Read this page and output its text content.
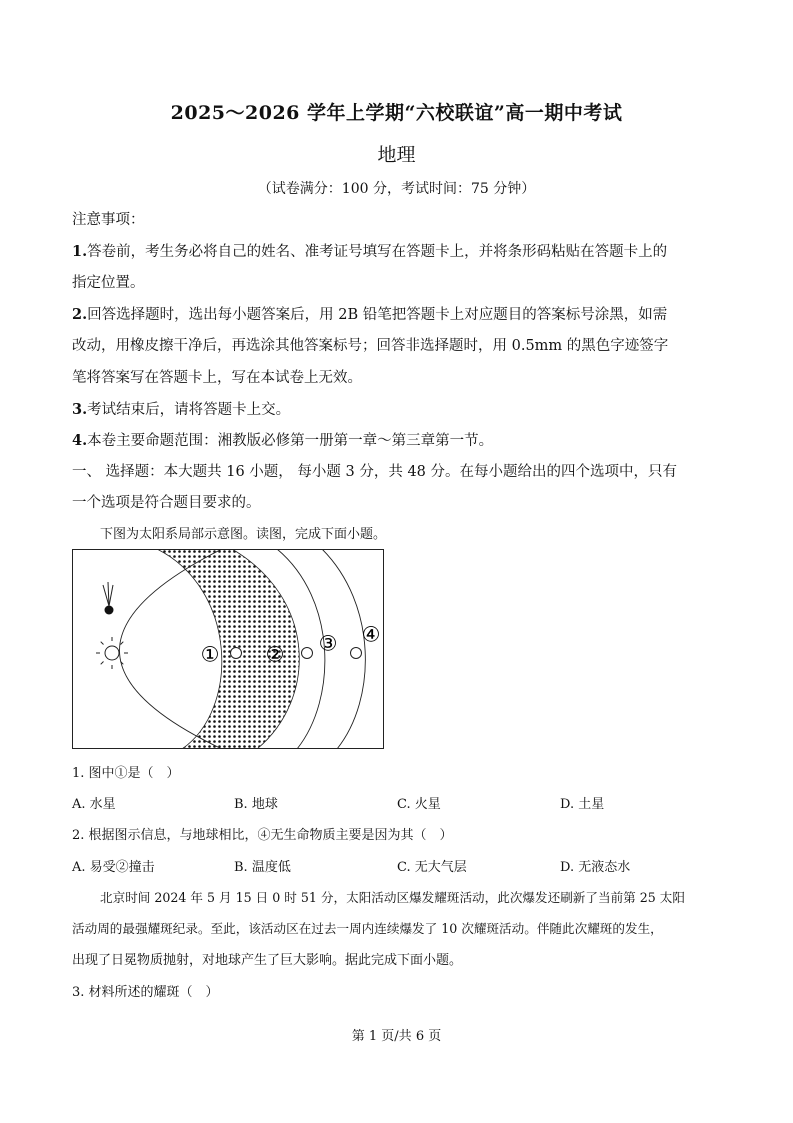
2025～2026 学年上学期“六校联谊”高一期中考试
地理
（试卷满分：100 分，考试时间：75 分钟）
注意事项：
1.答卷前，考生务必将自己的姓名、准考证号填写在答题卡上，并将条形码粘贴在答题卡上的
指定位置。
2.回答选择题时，选出每小题答案后，用 2B 铅笔把答题卡上对应题目的答案标号涂黑，如需
改动，用橡皮擦干净后，再选涂其他答案标号；回答非选择题时，用 0.5mm 的黑色字迹签字
笔将答案写在答题卡上，写在本试卷上无效。
3.考试结束后，请将答题卡上交。
4.本卷主要命题范围：湘教版必修第一册第一章～第三章第一节。
一、 选择题：本大题共 16 小题， 每小题 3 分，共 48 分。在每小题给出的四个选项中，只有
一个选项是符合题目要求的。
下图为太阳系局部示意图。读图，完成下面小题。
① ② ③ ④
1. 图中①是（　）
A. 水星	B. 地球	C. 火星	D. 土星
2. 根据图示信息，与地球相比，④无生命物质主要是因为其（　）
A. 易受②撞击	B. 温度低	C. 无大气层	D. 无液态水
北京时间 2024 年 5 月 15 日 0 时 51 分，太阳活动区爆发耀斑活动，此次爆发还刷新了当前第 25 太阳
活动周的最强耀斑纪录。至此，该活动区在过去一周内连续爆发了 10 次耀斑活动。伴随此次耀斑的发生，
出现了日冕物质抛射，对地球产生了巨大影响。据此完成下面小题。
3. 材料所述的耀斑（　）
第 1 页/共 6 页
